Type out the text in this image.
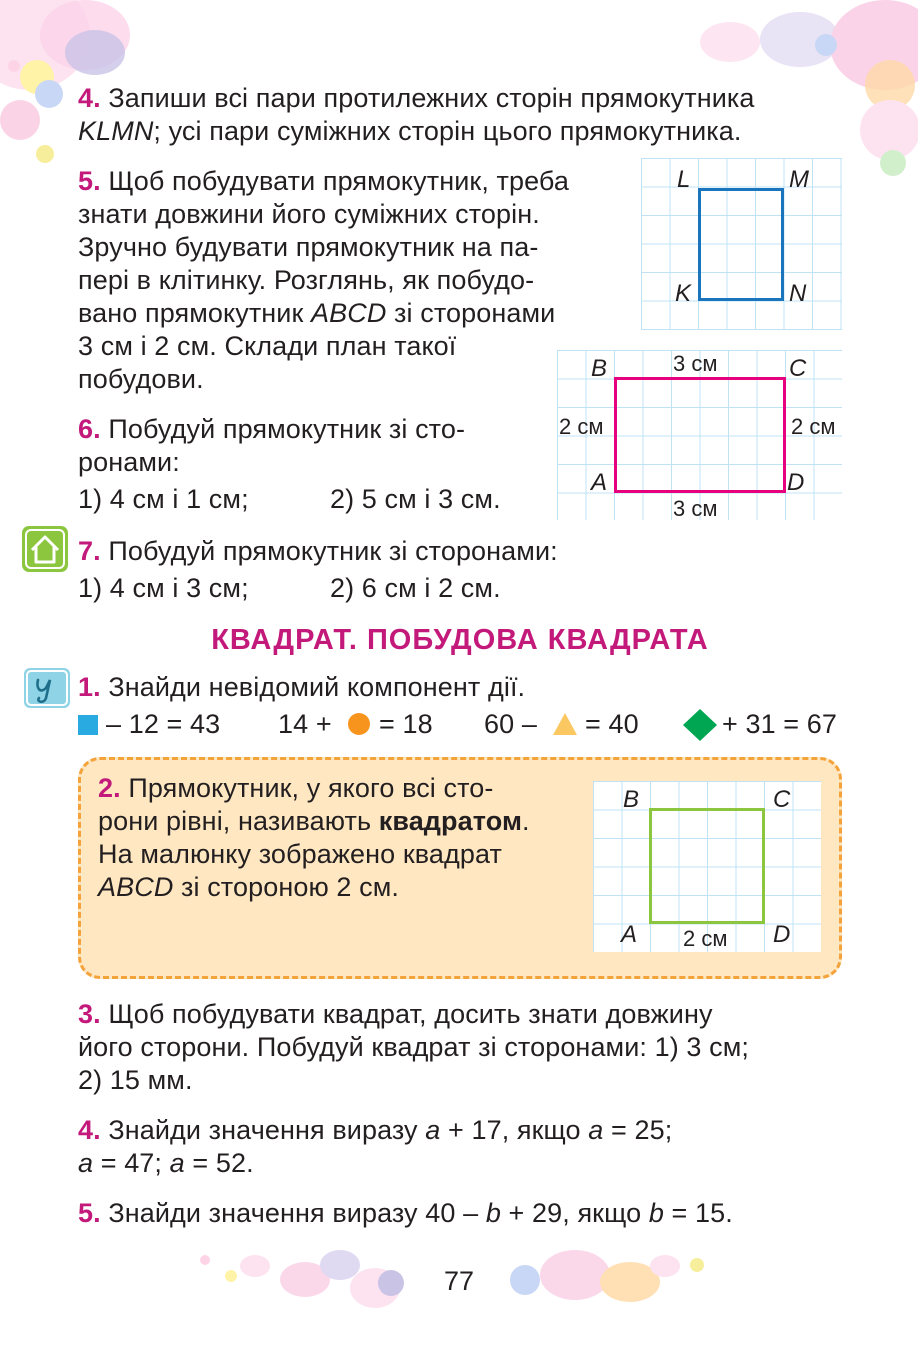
4. Запиши всі пари протилежних сторін прямокутника
KLMN; усі пари суміжних сторін цього прямокутника.
L	M
K	N
5. Щоб побудувати прямокутник, треба
знати довжини його суміжних сторін.
Зручно будувати прямокутник на па-
пері в клітинку. Розглянь, як побудо-
вано прямокутник ABCD зі сторонами
3 см і 2 см. Склади план такої
побудови.	B	C
A	D
3 см
3 см
2 см	2 см
6. Побудуй прямокутник зі сто-
ронами:
1) 4 см і 1 см;	2) 5 см і 3 см.
7. Побудуй прямокутник зі сторонами:
1) 4 см і 3 см;	2) 6 см і 2 см.
КВАДРАТ. ПОБУДОВА КВАДРАТА
1. Знайди невідомий компонент дії.
– 12 = 43 14 + = 18 60 – = 40	+ 31 = 67
2. Прямокутник, у якого всі сто-
рони рівні, називають квадратом.
На малюнку зображено квадрат
ABCD зі стороною 2 см.
B	C
A	D
2 см
3. Щоб побудувати квадрат, досить знати довжину
його сторони. Побудуй квадрат зі сторонами: 1) 3 см;
2) 15 мм.
4. Знайди значення виразу a + 17, якщо a = 25;
a = 47; a = 52.
5. Знайди значення виразу 40 – b + 29, якщо b = 15.
77
